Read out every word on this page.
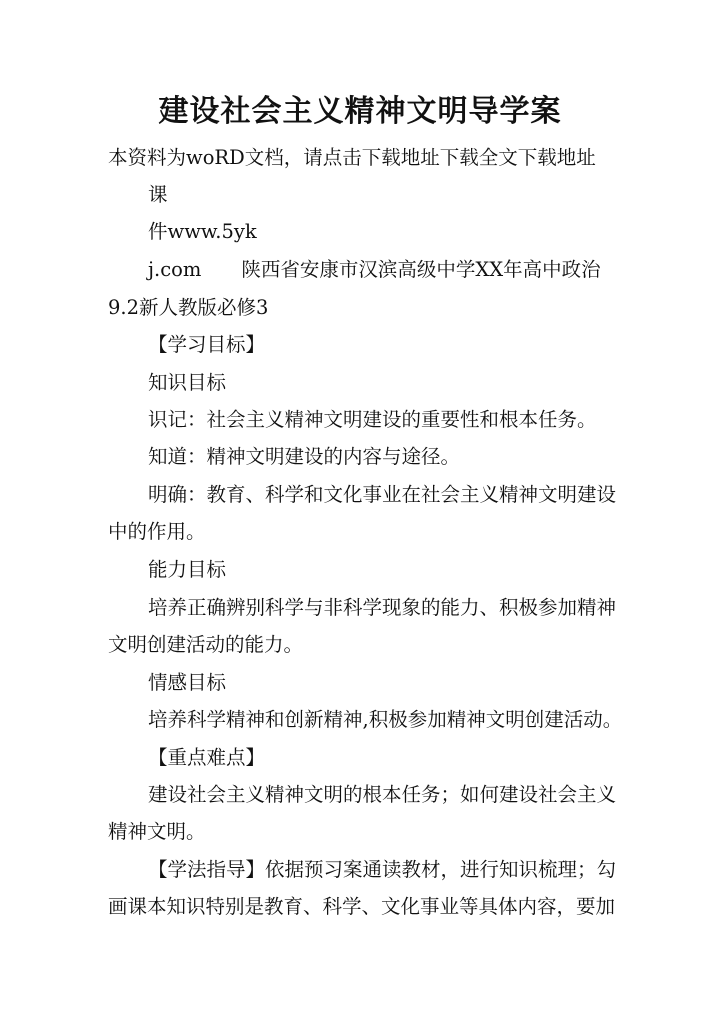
建设社会主义精神文明导学案
本资料为woRD文档，请点击下载地址下载全文下载地址
课
件www.5yk
j.com 陕西省安康市汉滨高级中学XX年高中政治
9.2新人教版必修3
【学习目标】
知识目标
识记：社会主义精神文明建设的重要性和根本任务。
知道：精神文明建设的内容与途径。
明确：教育、科学和文化事业在社会主义精神文明建设
中的作用。
能力目标
培养正确辨别科学与非科学现象的能力、积极参加精神
文明创建活动的能力。
情感目标
培养科学精神和创新精神,积极参加精神文明创建活动。
【重点难点】
建设社会主义精神文明的根本任务；如何建设社会主义
精神文明。
【学法指导】依据预习案通读教材，进行知识梳理；勾
画课本知识特别是教育、科学、文化事业等具体内容，要加
